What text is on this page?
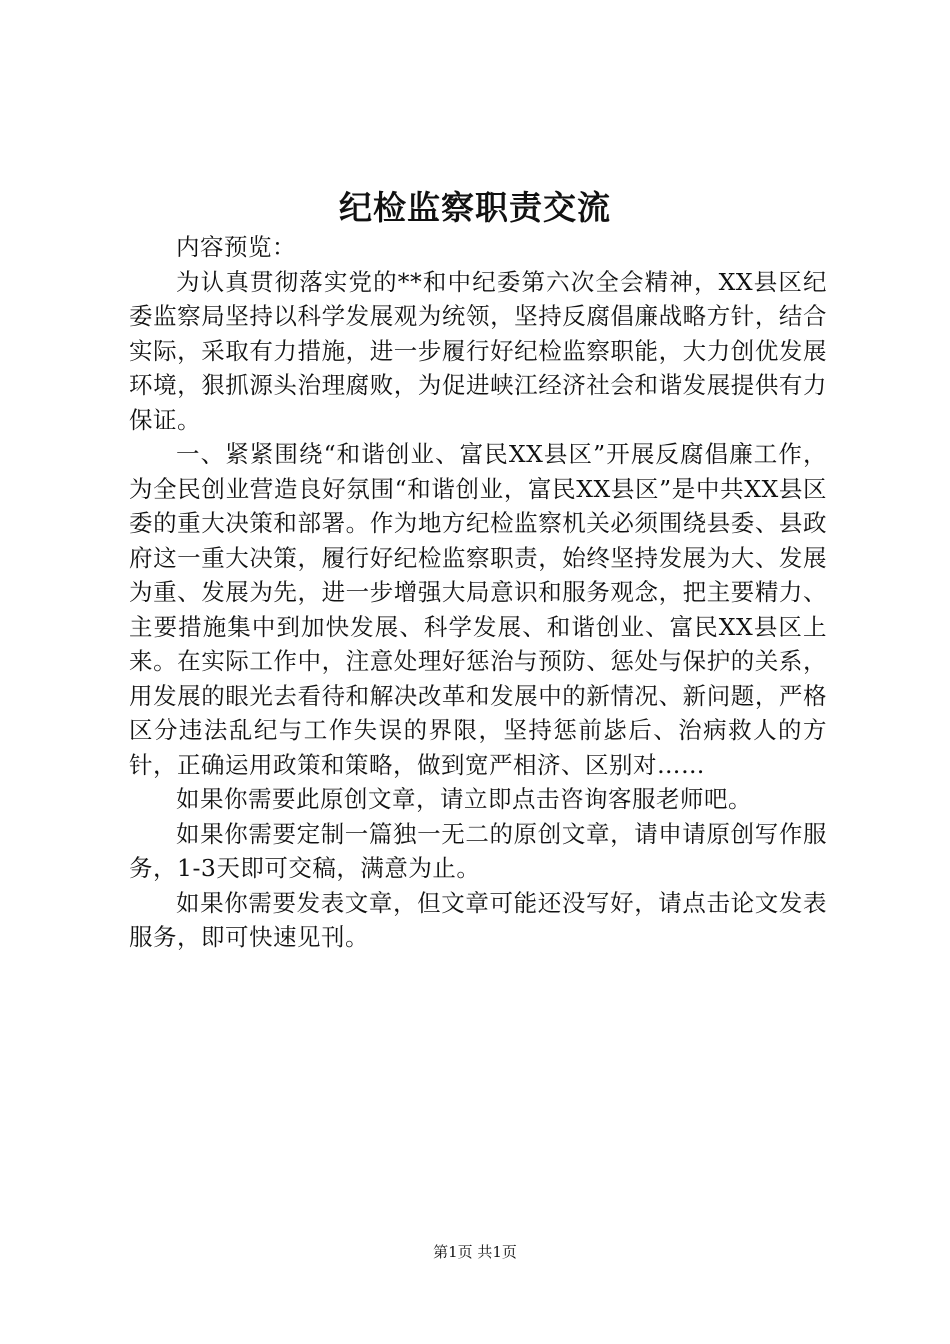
纪检监察职责交流

内容预览：

为认真贯彻落实党的**和中纪委第六次全会精神，XX县区纪委监察局坚持以科学发展观为统领，坚持反腐倡廉战略方针，结合实际，采取有力措施，进一步履行好纪检监察职能，大力创优发展环境，狠抓源头治理腐败，为促进峡江经济社会和谐发展提供有力保证。

一、紧紧围绕“和谐创业、富民XX县区”开展反腐倡廉工作，为全民创业营造良好氛围“和谐创业，富民XX县区”是中共XX县区委的重大决策和部署。作为地方纪检监察机关必须围绕县委、县政府这一重大决策，履行好纪检监察职责，始终坚持发展为大、发展为重、发展为先，进一步增强大局意识和服务观念，把主要精力、主要措施集中到加快发展、科学发展、和谐创业、富民XX县区上来。在实际工作中，注意处理好惩治与预防、惩处与保护的关系，用发展的眼光去看待和解决改革和发展中的新情况、新问题，严格区分违法乱纪与工作失误的界限，坚持惩前毖后、治病救人的方针，正确运用政策和策略，做到宽严相济、区别对……

如果你需要此原创文章，请立即点击咨询客服老师吧。

如果你需要定制一篇独一无二的原创文章，请申请原创写作服务，1-3天即可交稿，满意为止。

如果你需要发表文章，但文章可能还没写好，请点击论文发表服务，即可快速见刊。

第1页 共1页
